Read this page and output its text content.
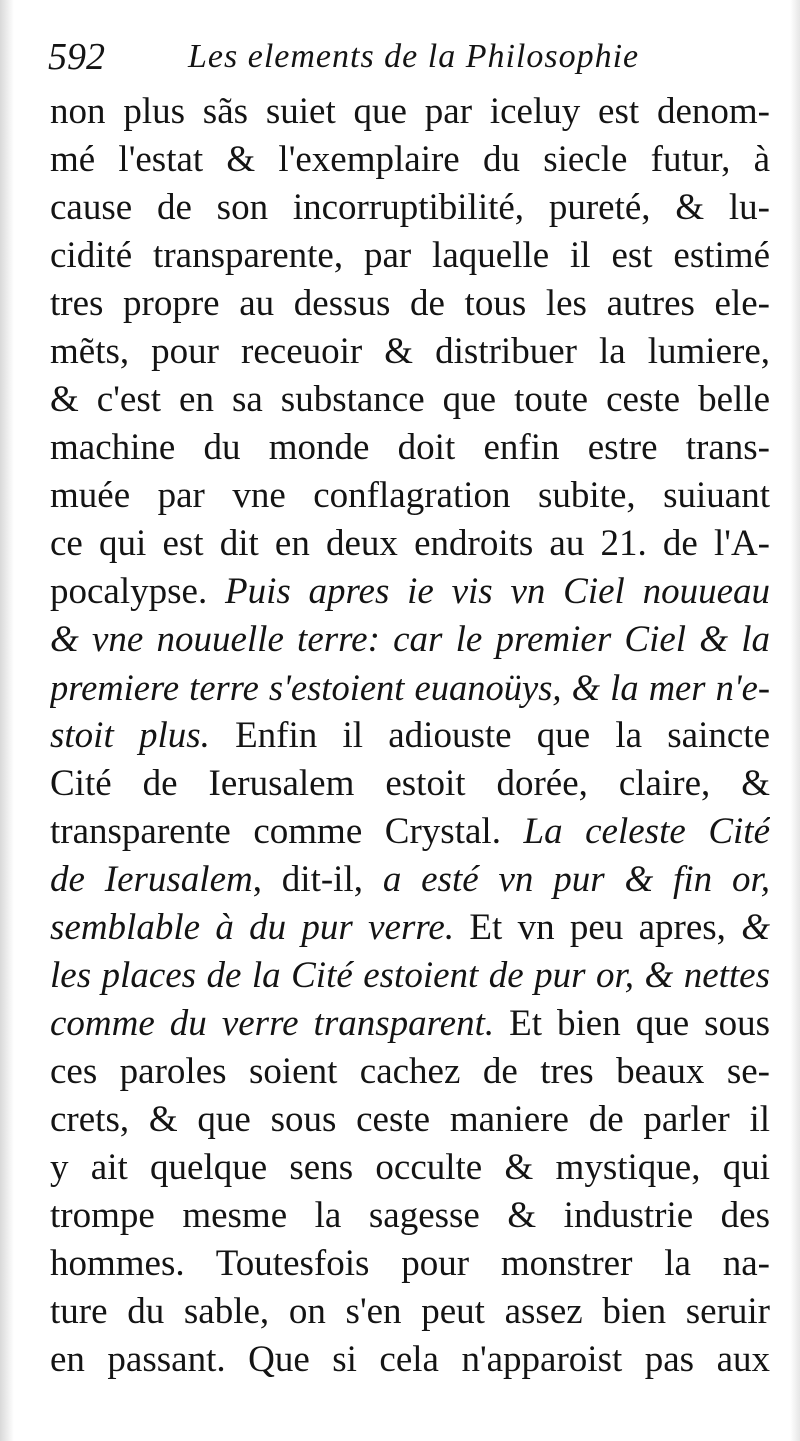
592 Les elements de la Philosophie
non plus sãs suiet que par iceluy est denom-
mé l'estat & l'exemplaire du siecle futur, à
cause de son incorruptibilité, pureté, & lu-
cidité transparente, par laquelle il est estimé
tres propre au dessus de tous les autres ele-
mẽts, pour receuoir & distribuer la lumiere,
& c'est en sa substance que toute ceste belle
machine du monde doit enfin estre trans-
muée par vne conflagration subite, suiuant
ce qui est dit en deux endroits au 21. de l'A-
pocalypse. Puis apres ie vis vn Ciel nouueau
& vne nouuelle terre: car le premier Ciel & la
premiere terre s'estoient euanoüys, & la mer n'e-
stoit plus. Enfin il adiouste que la saincte
Cité de Ierusalem estoit dorée, claire, &
transparente comme Crystal. La celeste Cité
de Ierusalem, dit-il, a esté vn pur & fin or,
semblable à du pur verre. Et vn peu apres, &
les places de la Cité estoient de pur or, & nettes
comme du verre transparent. Et bien que sous
ces paroles soient cachez de tres beaux se-
crets, & que sous ceste maniere de parler il
y ait quelque sens occulte & mystique, qui
trompe mesme la sagesse & industrie des
hommes. Toutesfois pour monstrer la na-
ture du sable, on s'en peut assez bien seruir
en passant. Que si cela n'apparoist pas aux
